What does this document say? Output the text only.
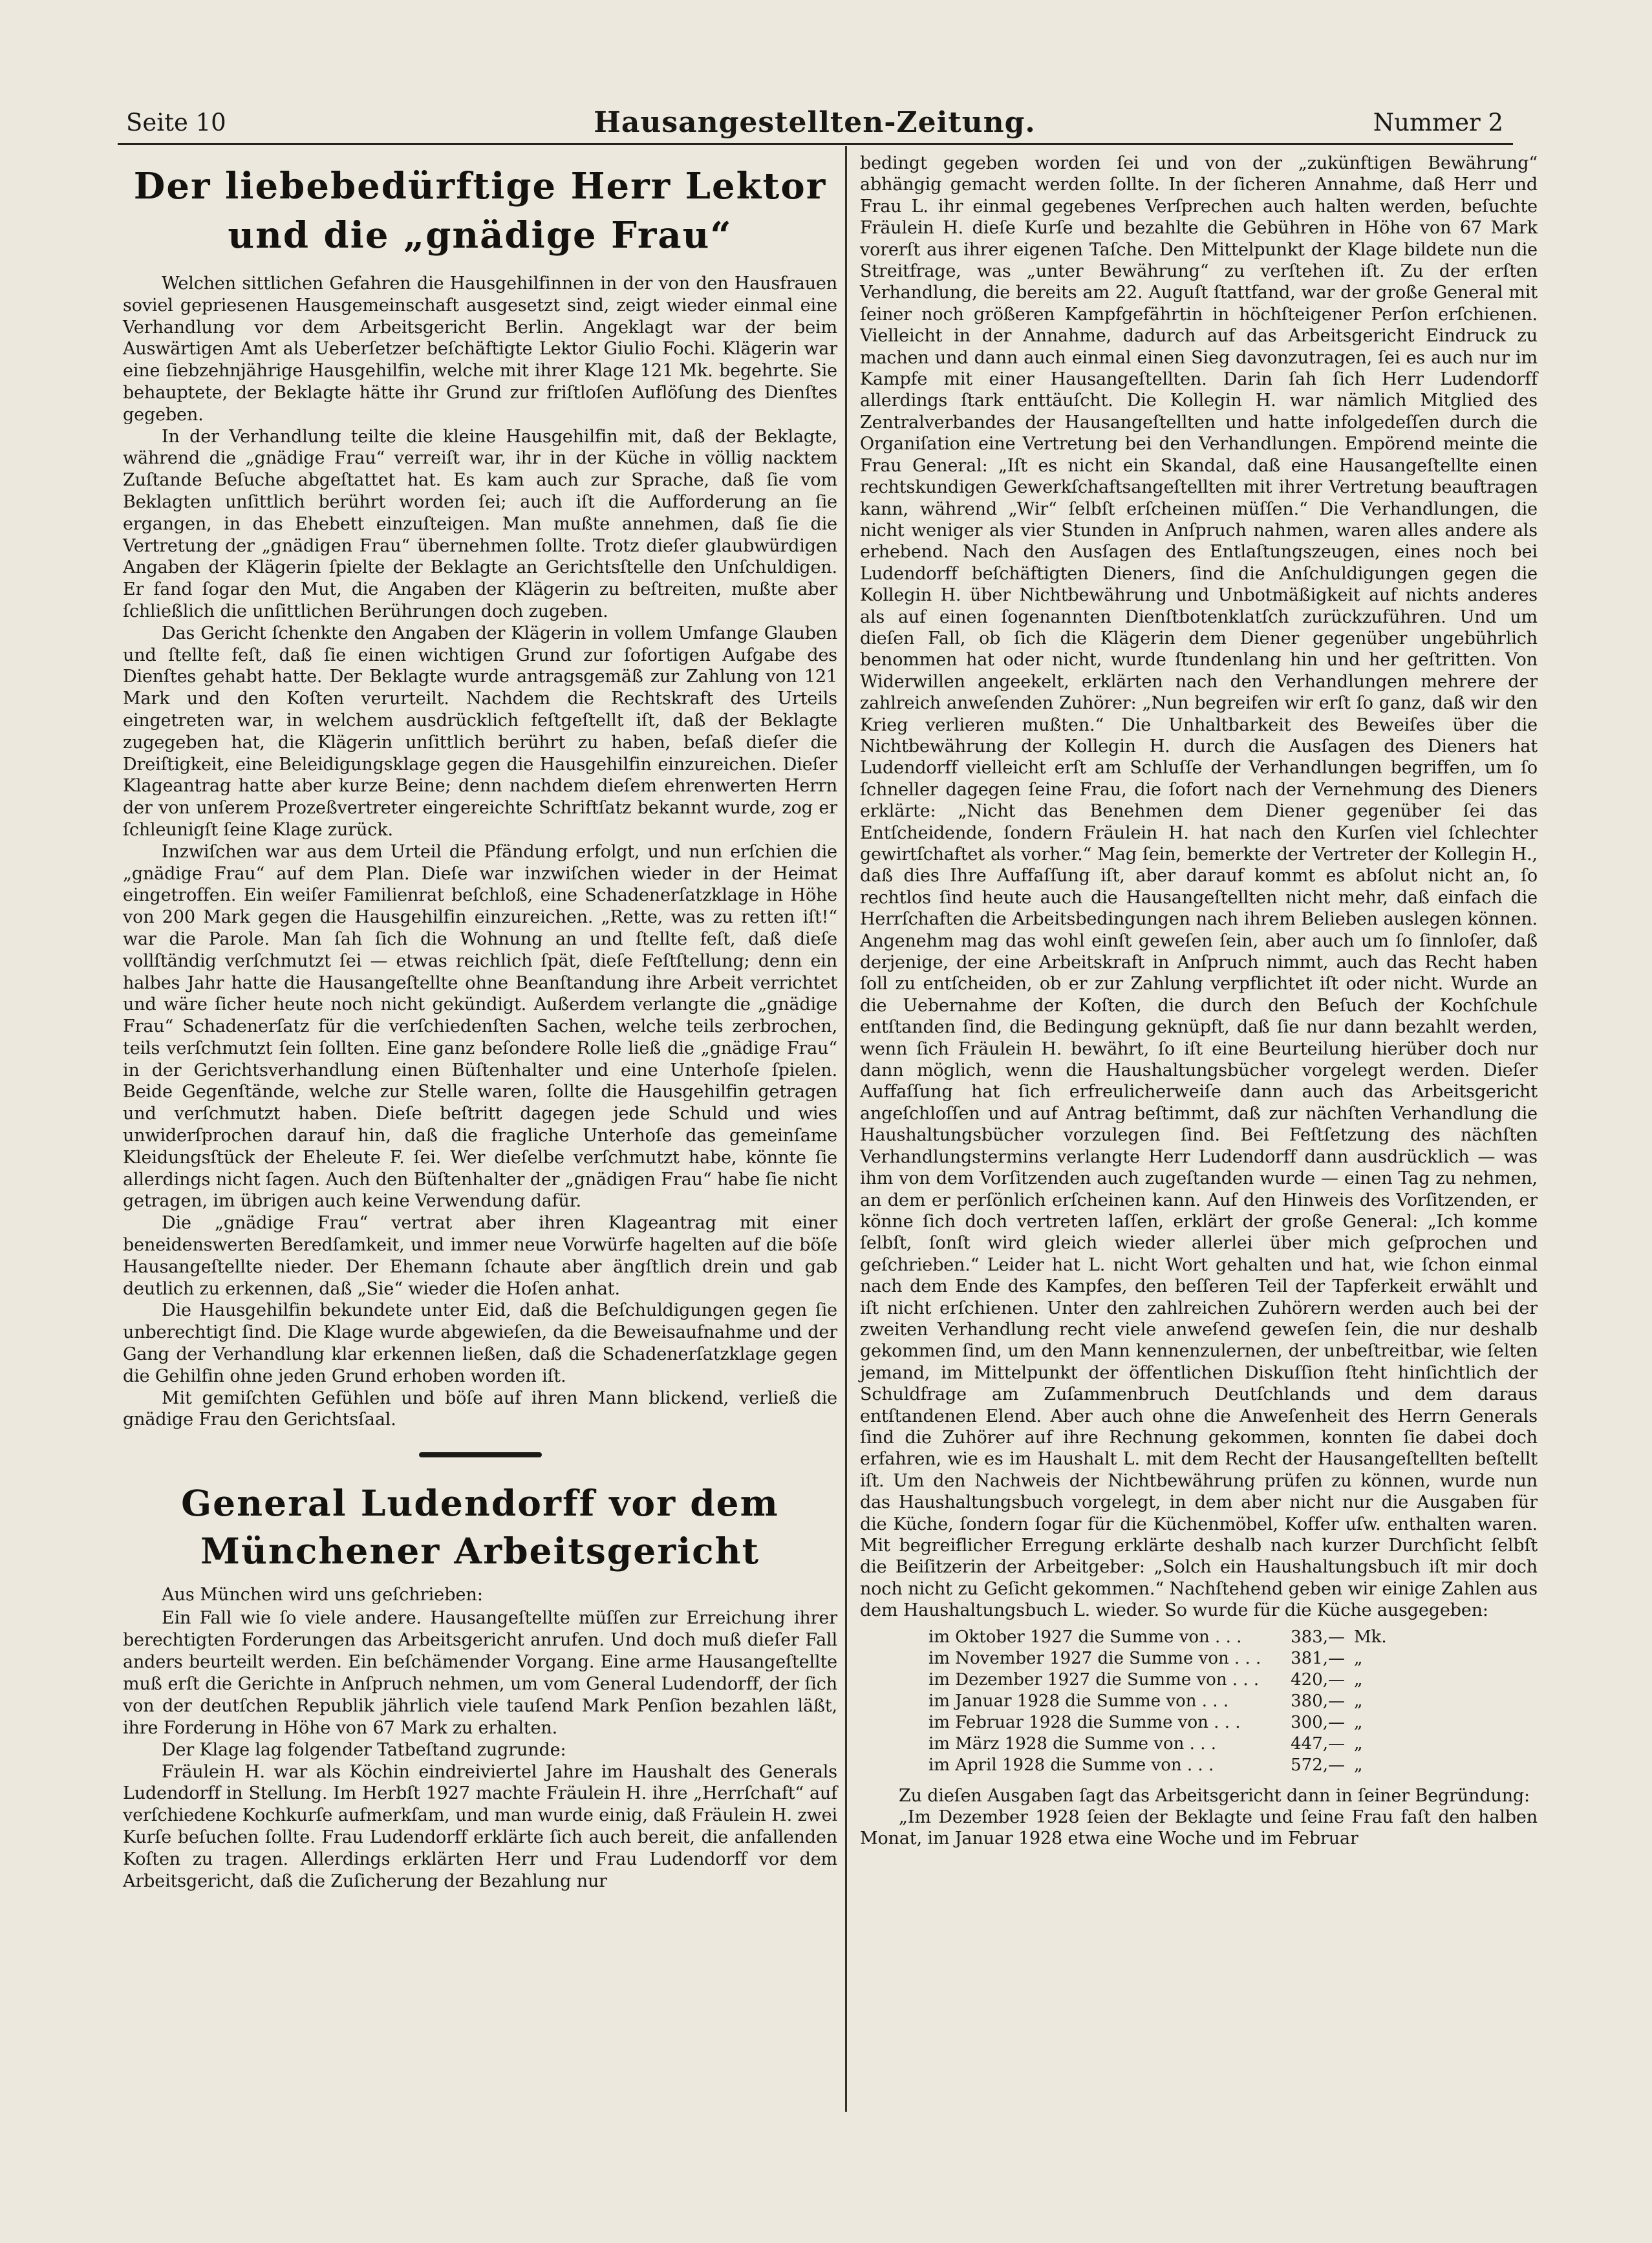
Seite 10	Hausangestellten-Zeitung.	Nummer 2
Der liebebedürftige Herr Lektor und die „gnädige Frau“

Welchen sittlichen Gefahren die Hausgehilfinnen in der von den Hausfrauen soviel gepriesenen Hausgemeinschaft ausgesetzt sind, zeigt wieder einmal eine Verhandlung vor dem Arbeitsgericht Berlin. Angeklagt war der beim Auswärtigen Amt als Ueberſetzer beſchäftigte Lektor Giulio Fochi. Klägerin war eine ſiebzehnjährige Hausgehilfin, welche mit ihrer Klage 121 Mk. begehrte. Sie behauptete, der Beklagte hätte ihr Grund zur friſtloſen Auflöſung des Dienſtes gegeben.

In der Verhandlung teilte die kleine Hausgehilfin mit, daß der Beklagte, während die „gnädige Frau“ verreiſt war, ihr in der Küche in völlig nacktem Zuſtande Beſuche abgeſtattet hat. Es kam auch zur Sprache, daß ſie vom Beklagten unſittlich berührt worden ſei; auch iſt die Aufforderung an ſie ergangen, in das Ehebett einzuſteigen. Man mußte annehmen, daß ſie die Vertretung der „gnädigen Frau“ übernehmen ſollte. Trotz dieſer glaubwürdigen Angaben der Klägerin ſpielte der Beklagte an Gerichtsſtelle den Unſchuldigen. Er fand ſogar den Mut, die Angaben der Klägerin zu beſtreiten, mußte aber ſchließlich die unſittlichen Berührungen doch zugeben.

Das Gericht ſchenkte den Angaben der Klägerin in vollem Umfange Glauben und ſtellte feſt, daß ſie einen wichtigen Grund zur ſofortigen Aufgabe des Dienſtes gehabt hatte. Der Beklagte wurde antragsgemäß zur Zahlung von 121 Mark und den Koſten verurteilt. Nachdem die Rechtskraft des Urteils eingetreten war, in welchem ausdrücklich feſtgeſtellt iſt, daß der Beklagte zugegeben hat, die Klägerin unſittlich berührt zu haben, beſaß dieſer die Dreiſtigkeit, eine Beleidigungsklage gegen die Hausgehilfin einzureichen. Dieſer Klageantrag hatte aber kurze Beine; denn nachdem dieſem ehrenwerten Herrn der von unſerem Prozeßvertreter eingereichte Schriftſatz bekannt wurde, zog er ſchleunigſt ſeine Klage zurück.

Inzwiſchen war aus dem Urteil die Pfändung erfolgt, und nun erſchien die „gnädige Frau“ auf dem Plan. Dieſe war inzwiſchen wieder in der Heimat eingetroffen. Ein weiſer Familienrat beſchloß, eine Schadenerſatzklage in Höhe von 200 Mark gegen die Hausgehilfin einzureichen. „Rette, was zu retten iſt!“ war die Parole. Man ſah ſich die Wohnung an und ſtellte feſt, daß dieſe vollſtändig verſchmutzt ſei — etwas reichlich ſpät, dieſe Feſtſtellung; denn ein halbes Jahr hatte die Hausangeſtellte ohne Beanſtandung ihre Arbeit verrichtet und wäre ſicher heute noch nicht gekündigt. Außerdem verlangte die „gnädige Frau“ Schadenerſatz für die verſchiedenſten Sachen, welche teils zerbrochen, teils verſchmutzt ſein ſollten. Eine ganz beſondere Rolle ließ die „gnädige Frau“ in der Gerichtsverhandlung einen Büſtenhalter und eine Unterhoſe ſpielen. Beide Gegenſtände, welche zur Stelle waren, ſollte die Hausgehilfin getragen und verſchmutzt haben. Dieſe beſtritt dagegen jede Schuld und wies unwiderſprochen darauf hin, daß die fragliche Unterhoſe das gemeinſame Kleidungsſtück der Eheleute F. ſei. Wer dieſelbe verſchmutzt habe, könnte ſie allerdings nicht ſagen. Auch den Büſtenhalter der „gnädigen Frau“ habe ſie nicht getragen, im übrigen auch keine Verwendung dafür.

Die „gnädige Frau“ vertrat aber ihren Klageantrag mit einer beneidenswerten Beredſamkeit, und immer neue Vorwürfe hagelten auf die böſe Hausangeſtellte nieder. Der Ehemann ſchaute aber ängſtlich drein und gab deutlich zu erkennen, daß „Sie“ wieder die Hoſen anhat.

Die Hausgehilfin bekundete unter Eid, daß die Beſchuldigungen gegen ſie unberechtigt ſind. Die Klage wurde abgewieſen, da die Beweisaufnahme und der Gang der Verhandlung klar erkennen ließen, daß die Schadenerſatzklage gegen die Gehilfin ohne jeden Grund erhoben worden iſt.

Mit gemiſchten Gefühlen und böſe auf ihren Mann blickend, verließ die gnädige Frau den Gerichtsſaal.

General Ludendorff vor dem Münchener Arbeitsgericht

Aus München wird uns geſchrieben:

Ein Fall wie ſo viele andere. Hausangeſtellte müſſen zur Erreichung ihrer berechtigten Forderungen das Arbeitsgericht anrufen. Und doch muß dieſer Fall anders beurteilt werden. Ein beſchämender Vorgang. Eine arme Hausangeſtellte muß erſt die Gerichte in Anſpruch nehmen, um vom General Ludendorff, der ſich von der deutſchen Republik jährlich viele tauſend Mark Penſion bezahlen läßt, ihre Forderung in Höhe von 67 Mark zu erhalten.

Der Klage lag folgender Tatbeſtand zugrunde:

Fräulein H. war als Köchin eindreiviertel Jahre im Haushalt des Generals Ludendorff in Stellung. Im Herbſt 1927 machte Fräulein H. ihre „Herrſchaft“ auf verſchiedene Kochkurſe aufmerkſam, und man wurde einig, daß Fräulein H. zwei Kurſe beſuchen ſollte. Frau Ludendorff erklärte ſich auch bereit, die anfallenden Koſten zu tragen. Allerdings erklärten Herr und Frau Ludendorff vor dem Arbeitsgericht, daß die Zuſicherung der Bezahlung nur

bedingt gegeben worden ſei und von der „zukünftigen Bewährung“ abhängig gemacht werden ſollte. In der ſicheren Annahme, daß Herr und Frau L. ihr einmal gegebenes Verſprechen auch halten werden, beſuchte Fräulein H. dieſe Kurſe und bezahlte die Gebühren in Höhe von 67 Mark vorerſt aus ihrer eigenen Taſche. Den Mittelpunkt der Klage bildete nun die Streitfrage, was „unter Bewährung“ zu verſtehen iſt. Zu der erſten Verhandlung, die bereits am 22. Auguſt ſtattfand, war der große General mit ſeiner noch größeren Kampfgefährtin in höchſteigener Perſon erſchienen. Vielleicht in der Annahme, dadurch auf das Arbeitsgericht Eindruck zu machen und dann auch einmal einen Sieg davonzutragen, ſei es auch nur im Kampfe mit einer Hausangeſtellten. Darin ſah ſich Herr Ludendorff allerdings ſtark enttäuſcht. Die Kollegin H. war nämlich Mitglied des Zentralverbandes der Hausangeſtellten und hatte infolgedeſſen durch die Organiſation eine Vertretung bei den Verhandlungen. Empörend meinte die Frau General: „Iſt es nicht ein Skandal, daß eine Hausangeſtellte einen rechtskundigen Gewerkſchaftsangeſtellten mit ihrer Vertretung beauftragen kann, während „Wir“ ſelbſt erſcheinen müſſen.“ Die Verhandlungen, die nicht weniger als vier Stunden in Anſpruch nahmen, waren alles andere als erhebend. Nach den Ausſagen des Entlaſtungszeugen, eines noch bei Ludendorff beſchäftigten Dieners, ſind die Anſchuldigungen gegen die Kollegin H. über Nichtbewährung und Unbotmäßigkeit auf nichts anderes als auf einen ſogenannten Dienſtbotenklatſch zurückzuführen. Und um dieſen Fall, ob ſich die Klägerin dem Diener gegenüber ungebührlich benommen hat oder nicht, wurde ſtundenlang hin und her geſtritten. Von Widerwillen angeekelt, erklärten nach den Verhandlungen mehrere der zahlreich anweſenden Zuhörer: „Nun begreifen wir erſt ſo ganz, daß wir den Krieg verlieren mußten.“ Die Unhaltbarkeit des Beweiſes über die Nichtbewährung der Kollegin H. durch die Ausſagen des Dieners hat Ludendorff vielleicht erſt am Schluſſe der Verhandlungen begriffen, um ſo ſchneller dagegen ſeine Frau, die ſofort nach der Vernehmung des Dieners erklärte: „Nicht das Benehmen dem Diener gegenüber ſei das Entſcheidende, ſondern Fräulein H. hat nach den Kurſen viel ſchlechter gewirtſchaftet als vorher.“ Mag ſein, bemerkte der Vertreter der Kollegin H., daß dies Ihre Auffaſſung iſt, aber darauf kommt es abſolut nicht an, ſo rechtlos ſind heute auch die Hausangeſtellten nicht mehr, daß einfach die Herrſchaften die Arbeitsbedingungen nach ihrem Belieben auslegen können. Angenehm mag das wohl einſt geweſen ſein, aber auch um ſo ſinnloſer, daß derjenige, der eine Arbeitskraft in Anſpruch nimmt, auch das Recht haben ſoll zu entſcheiden, ob er zur Zahlung verpflichtet iſt oder nicht. Wurde an die Uebernahme der Koſten, die durch den Beſuch der Kochſchule entſtanden ſind, die Bedingung geknüpft, daß ſie nur dann bezahlt werden, wenn ſich Fräulein H. bewährt, ſo iſt eine Beurteilung hierüber doch nur dann möglich, wenn die Haushaltungsbücher vorgelegt werden. Dieſer Auffaſſung hat ſich erfreulicherweiſe dann auch das Arbeitsgericht angeſchloſſen und auf Antrag beſtimmt, daß zur nächſten Verhandlung die Haushaltungsbücher vorzulegen ſind. Bei Feſtſetzung des nächſten Verhandlungstermins verlangte Herr Ludendorff dann ausdrücklich — was ihm von dem Vorſitzenden auch zugeſtanden wurde — einen Tag zu nehmen, an dem er perſönlich erſcheinen kann. Auf den Hinweis des Vorſitzenden, er könne ſich doch vertreten laſſen, erklärt der große General: „Ich komme ſelbſt, ſonſt wird gleich wieder allerlei über mich geſprochen und geſchrieben.“ Leider hat L. nicht Wort gehalten und hat, wie ſchon einmal nach dem Ende des Kampfes, den beſſeren Teil der Tapferkeit erwählt und iſt nicht erſchienen. Unter den zahlreichen Zuhörern werden auch bei der zweiten Verhandlung recht viele anweſend geweſen ſein, die nur deshalb gekommen ſind, um den Mann kennenzulernen, der unbeſtreitbar, wie ſelten jemand, im Mittelpunkt der öffentlichen Diskuſſion ſteht hinſichtlich der Schuldfrage am Zuſammenbruch Deutſchlands und dem daraus entſtandenen Elend. Aber auch ohne die Anweſenheit des Herrn Generals ſind die Zuhörer auf ihre Rechnung gekommen, konnten ſie dabei doch erfahren, wie es im Haushalt L. mit dem Recht der Hausangeſtellten beſtellt iſt. Um den Nachweis der Nichtbewährung prüfen zu können, wurde nun das Haushaltungsbuch vorgelegt, in dem aber nicht nur die Ausgaben für die Küche, ſondern ſogar für die Küchenmöbel, Koffer uſw. enthalten waren. Mit begreiflicher Erregung erklärte deshalb nach kurzer Durchſicht ſelbſt die Beiſitzerin der Arbeitgeber: „Solch ein Haushaltungsbuch iſt mir doch noch nicht zu Geſicht gekommen.“ Nachſtehend geben wir einige Zahlen aus dem Haushaltungsbuch L. wieder. So wurde für die Küche ausgegeben:

im Oktober 1927 die Summe von . . .	383,— Mk.
im November 1927 die Summe von . . .	381,— „
im Dezember 1927 die Summe von . . .	420,— „
im Januar 1928 die Summe von . . .	380,— „
im Februar 1928 die Summe von . . .	300,— „
im März 1928 die Summe von . . .	447,— „
im April 1928 die Summe von . . .	572,— „

Zu dieſen Ausgaben ſagt das Arbeitsgericht dann in ſeiner Begründung:

„Im Dezember 1928 ſeien der Beklagte und ſeine Frau faſt den halben Monat, im Januar 1928 etwa eine Woche und im Februar
